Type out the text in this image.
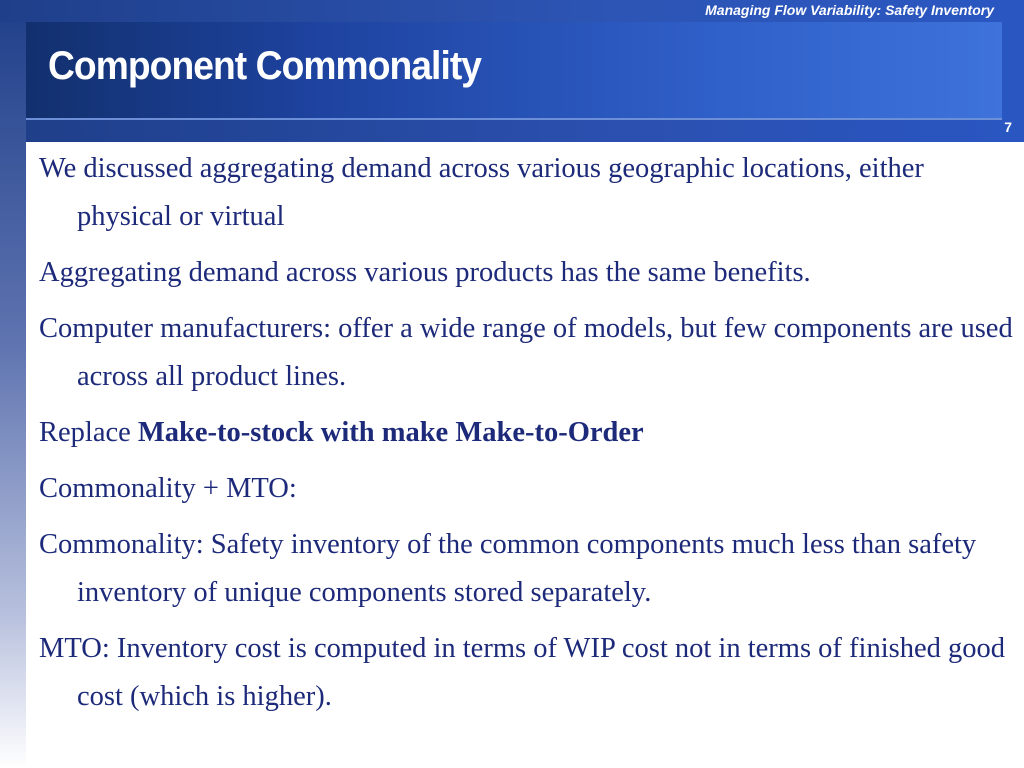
Managing Flow Variability: Safety Inventory
Component Commonality
7
We discussed aggregating demand across various geographic locations, either physical or virtual
Aggregating demand across various products has the same benefits.
Computer manufacturers: offer a wide range of models, but few components are used across all product lines.
Replace Make-to-stock with make Make-to-Order
Commonality + MTO:
Commonality: Safety inventory of the common components much less than safety inventory of unique components stored separately.
MTO: Inventory cost is computed in terms of WIP cost not in terms of finished good cost (which is higher).
